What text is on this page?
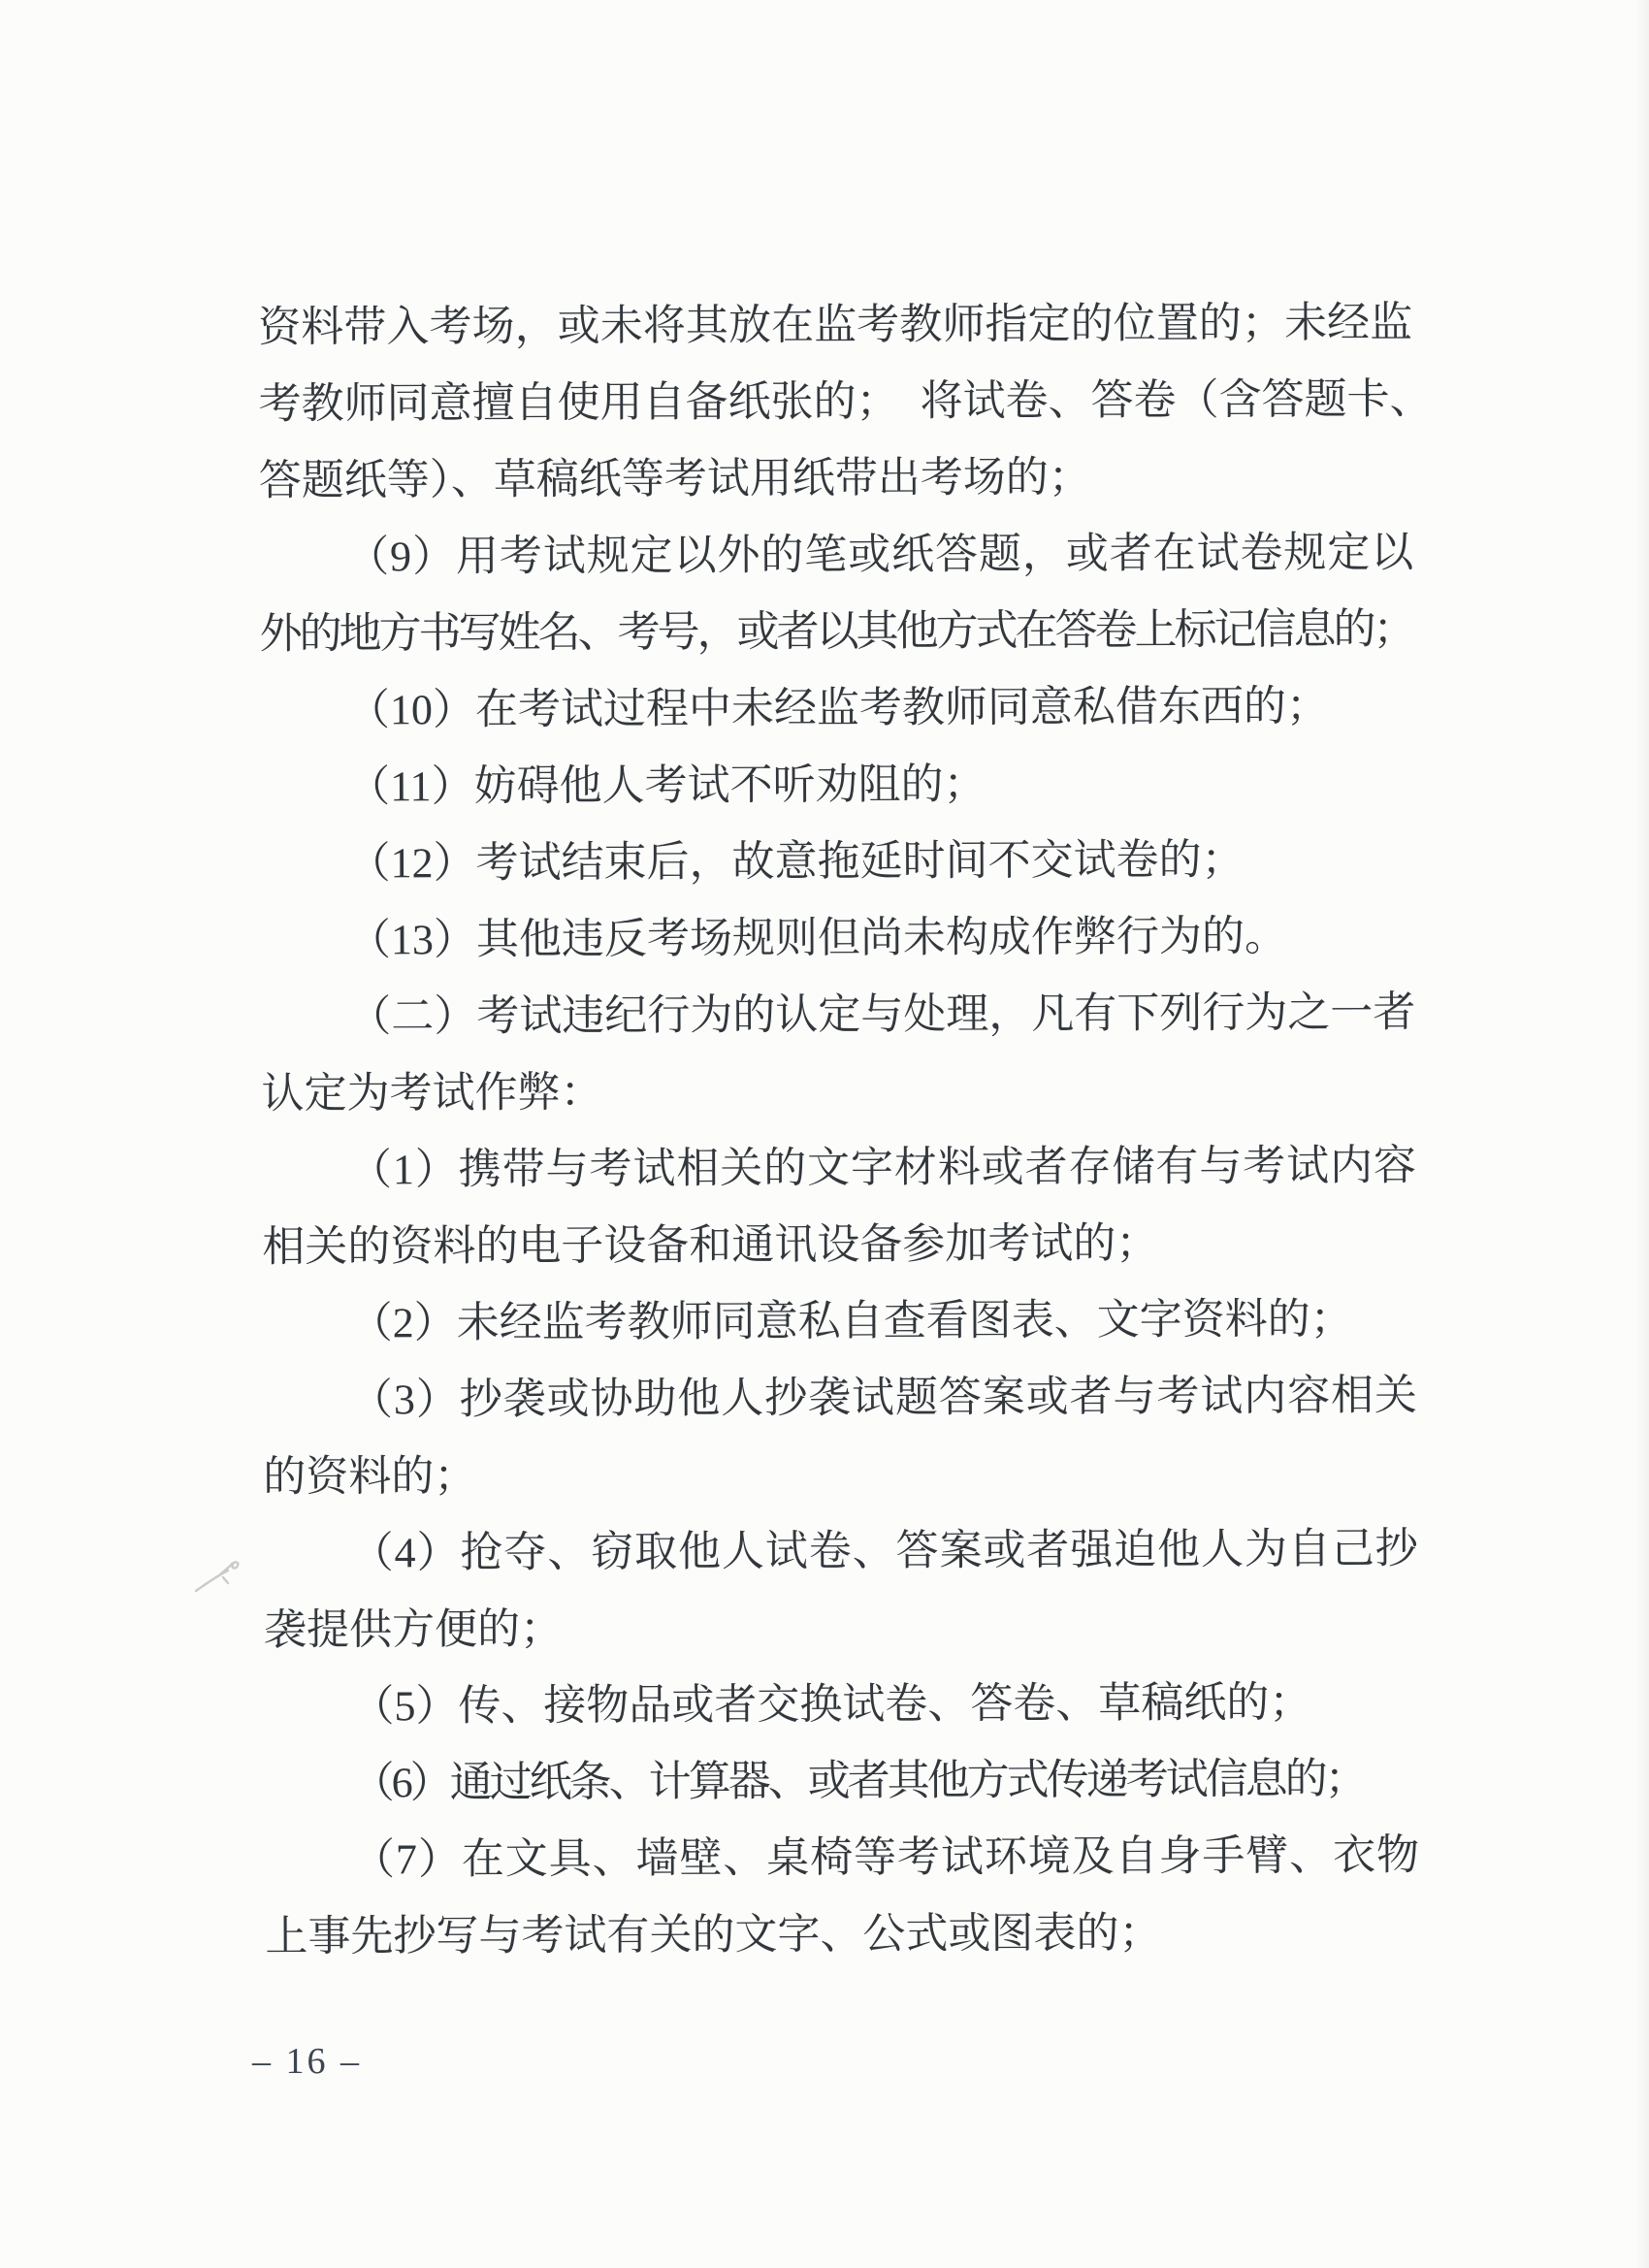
资料带入考场，或未将其放在监考教师指定的位置的；未经监
考教师同意擅自使用自备纸张的；　将试卷、答卷（含答题卡、
答题纸等）、草稿纸等考试用纸带出考场的；
（9）用考试规定以外的笔或纸答题，或者在试卷规定以
外的地方书写姓名、考号，或者以其他方式在答卷上标记信息的；
（10）在考试过程中未经监考教师同意私借东西的；
（11）妨碍他人考试不听劝阻的；
（12）考试结束后，故意拖延时间不交试卷的；
（13）其他违反考场规则但尚未构成作弊行为的。
（二）考试违纪行为的认定与处理，凡有下列行为之一者
认定为考试作弊：
（1）携带与考试相关的文字材料或者存储有与考试内容
相关的资料的电子设备和通讯设备参加考试的；
（2）未经监考教师同意私自查看图表、文字资料的；
（3）抄袭或协助他人抄袭试题答案或者与考试内容相关
的资料的；
（4）抢夺、窃取他人试卷、答案或者强迫他人为自己抄
袭提供方便的；
（5）传、接物品或者交换试卷、答卷、草稿纸的；
（6）通过纸条、计算器、或者其他方式传递考试信息的；
（7）在文具、墙壁、桌椅等考试环境及自身手臂、衣物
上事先抄写与考试有关的文字、公式或图表的；
– 16 –
